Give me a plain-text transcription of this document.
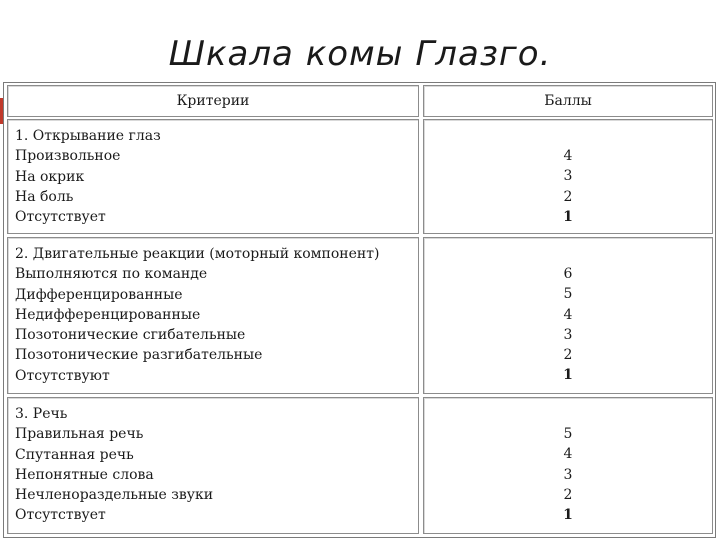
Шкала комы Глазго.
Критерии	Баллы
1. Открывание глаз
Произвольное
На окрик
На боль
Отсутствует
4
3
2
1
2. Двигательные реакции (моторный компонент)
Выполняются по команде
Дифференцированные
Недифференцированные
Позотонические сгибательные
Позотонические разгибательные
Отсутствуют
6
5
4
3
2
1
3. Речь
Правильная речь
Спутанная речь
Непонятные слова
Нечленораздельные звуки
Отсутствует
5
4
3
2
1
